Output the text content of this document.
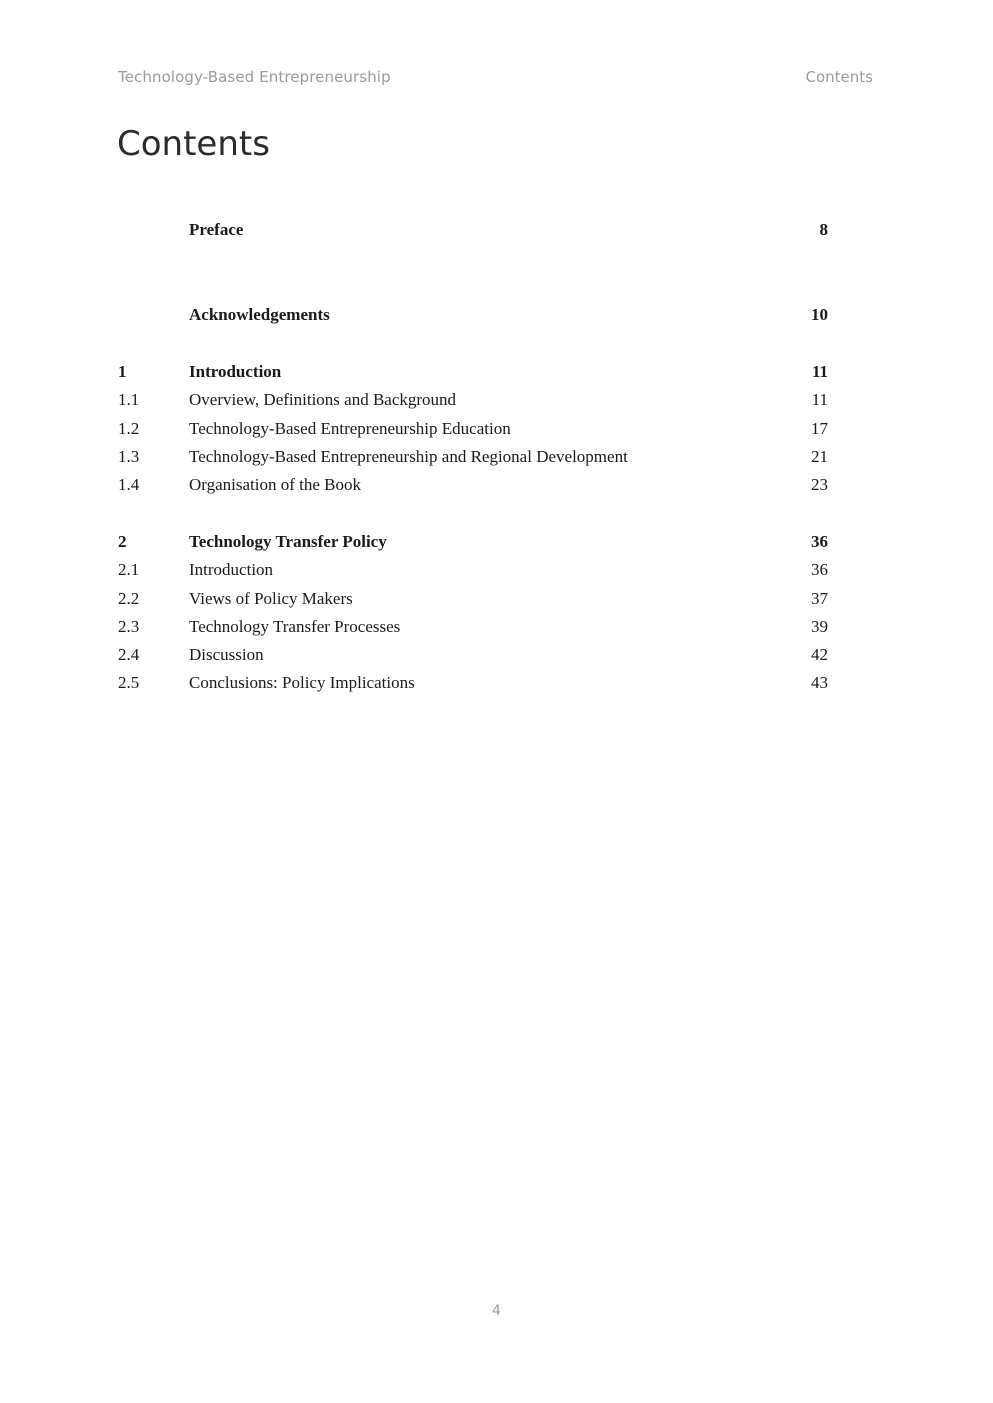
Technology-Based Entrepreneurship	Contents
Contents
Preface	8
Acknowledgements	10
1	Introduction	11
1.1	Overview, Definitions and Background	11
1.2	Technology-Based Entrepreneurship Education	17
1.3	Technology-Based Entrepreneurship and Regional Development	21
1.4	Organisation of the Book	23
2	Technology Transfer Policy	36
2.1	Introduction	36
2.2	Views of Policy Makers	37
2.3	Technology Transfer Processes	39
2.4	Discussion	42
2.5	Conclusions: Policy Implications	43
4
